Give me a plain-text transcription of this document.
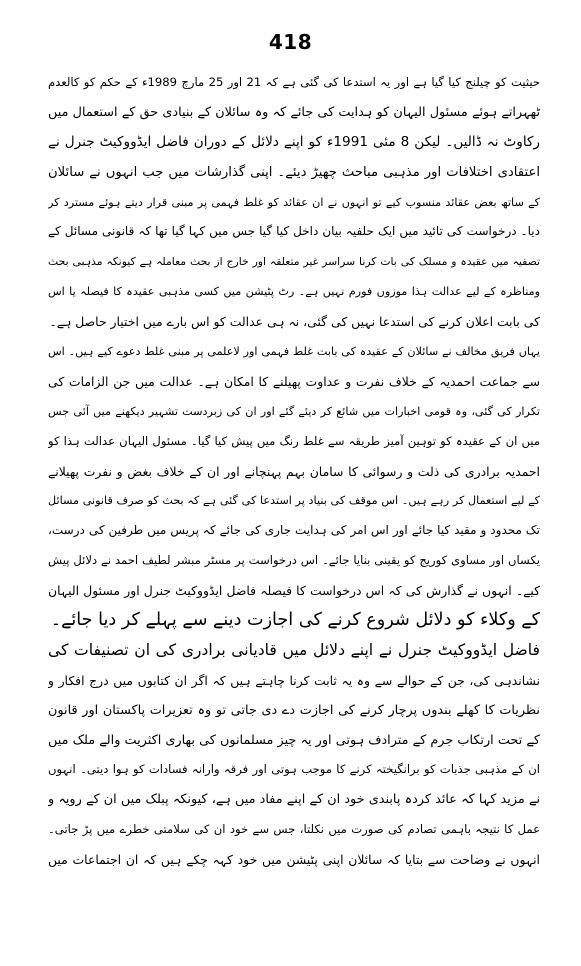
418
حیثیت کو چیلنج کیا گیا ہے اور یہ استدعا کی گئی ہے کہ 21 اور 25 مارچ 1989ء کے حکم کو کالعدم
ٹھہراتے ہوئے مسئول الیہان کو ہدایت کی جائے کہ وہ سائلان کے بنیادی حق کے استعمال میں
رکاوٹ نہ ڈالیں۔ لیکن 8 مئی 1991ء کو اپنے دلائل کے دوران فاضل ایڈووکیٹ جنرل نے
اعتقادی اختلافات اور مذہبی مباحث چھیڑ دیئے۔ اپنی گذارشات میں جب انہوں نے سائلان
کے ساتھ بعض عقائد منسوب کیے تو انہوں نے ان عقائد کو غلط فہمی پر مبنی قرار دیتے ہوئے مسترد کر
دیا۔ درخواست کی تائید میں ایک حلفیہ بیان داخل کیا گیا جس میں کہا گیا تھا کہ قانونی مسائل کے
تصفیہ میں عقیدہ و مسلک کی بات کرنا سراسر غیر متعلقہ اور خارج از بحث معاملہ ہے کیونکہ مذہبی بحث
ومناظرہ کے لیے عدالت ہذا موزوں فورم نہیں ہے۔ رٹ پٹیشن میں کسی مذہبی عقیدہ کا فیصلہ یا اس
کی بابت اعلان کرنے کی استدعا نہیں کی گئی، نہ ہی عدالت کو اس بارے میں اختیار حاصل ہے۔
یہاں فریق مخالف نے سائلان کے عقیدہ کی بابت غلط فہمی اور لاعلمی پر مبنی غلط دعوے کیے ہیں۔ اس
سے جماعت احمدیہ کے خلاف نفرت و عداوت پھیلنے کا امکان ہے۔ عدالت میں جن الزامات کی
تکرار کی گئی، وہ قومی اخبارات میں شائع کر دیئے گئے اور ان کی زبردست تشہیر دیکھنے میں آئی جس
میں ان کے عقیدہ کو توہین آمیز طریقہ سے غلط رنگ میں پیش کیا گیا۔ مسئول الیہان عدالت ہذا کو
احمدیہ برادری کی ذلت و رسوائی کا سامان بہم پہنچانے اور ان کے خلاف بغض و نفرت پھیلانے
کے لیے استعمال کر رہے ہیں۔ اس موقف کی بنیاد پر استدعا کی گئی ہے کہ بحث کو صرف قانونی مسائل
تک محدود و مقید کیا جائے اور اس امر کی ہدایت جاری کی جائے کہ پریس میں طرفین کی درست،
یکساں اور مساوی کوریج کو یقینی بنایا جائے۔ اس درخواست پر مسٹر مبشر لطیف احمد نے دلائل پیش
کیے۔ انہوں نے گذارش کی کہ اس درخواست کا فیصلہ فاضل ایڈووکیٹ جنرل اور مسئول الیہان
کے وکلاء کو دلائل شروع کرنے کی اجازت دینے سے پہلے کر دیا جائے۔
فاضل ایڈووکیٹ جنرل نے اپنے دلائل میں قادیانی برادری کی ان تصنیفات کی
نشاندہی کی، جن کے حوالے سے وہ یہ ثابت کرنا چاہتے ہیں کہ اگر ان کتابوں میں درج افکار و
نظریات کا کھلے بندوں پرچار کرنے کی اجازت دے دی جاتی تو وہ تعزیرات پاکستان اور قانون
کے تحت ارتکاب جرم کے مترادف ہوتی اور یہ چیز مسلمانوں کی بھاری اکثریت والے ملک میں
ان کے مذہبی جذبات کو برانگیختہ کرنے کا موجب ہوتی اور فرقہ وارانہ فسادات کو ہوا دیتی۔ انہوں
نے مزید کہا کہ عائد کردہ پابندی خود ان کے اپنے مفاد میں ہے، کیونکہ پبلک میں ان کے رویہ و
عمل کا نتیجہ باہمی تصادم کی صورت میں نکلتا، جس سے خود ان کی سلامتی خطرے میں پڑ جاتی۔
انہوں نے وضاحت سے بتایا کہ سائلان اپنی پٹیشن میں خود کہہ چکے ہیں کہ ان اجتماعات میں
